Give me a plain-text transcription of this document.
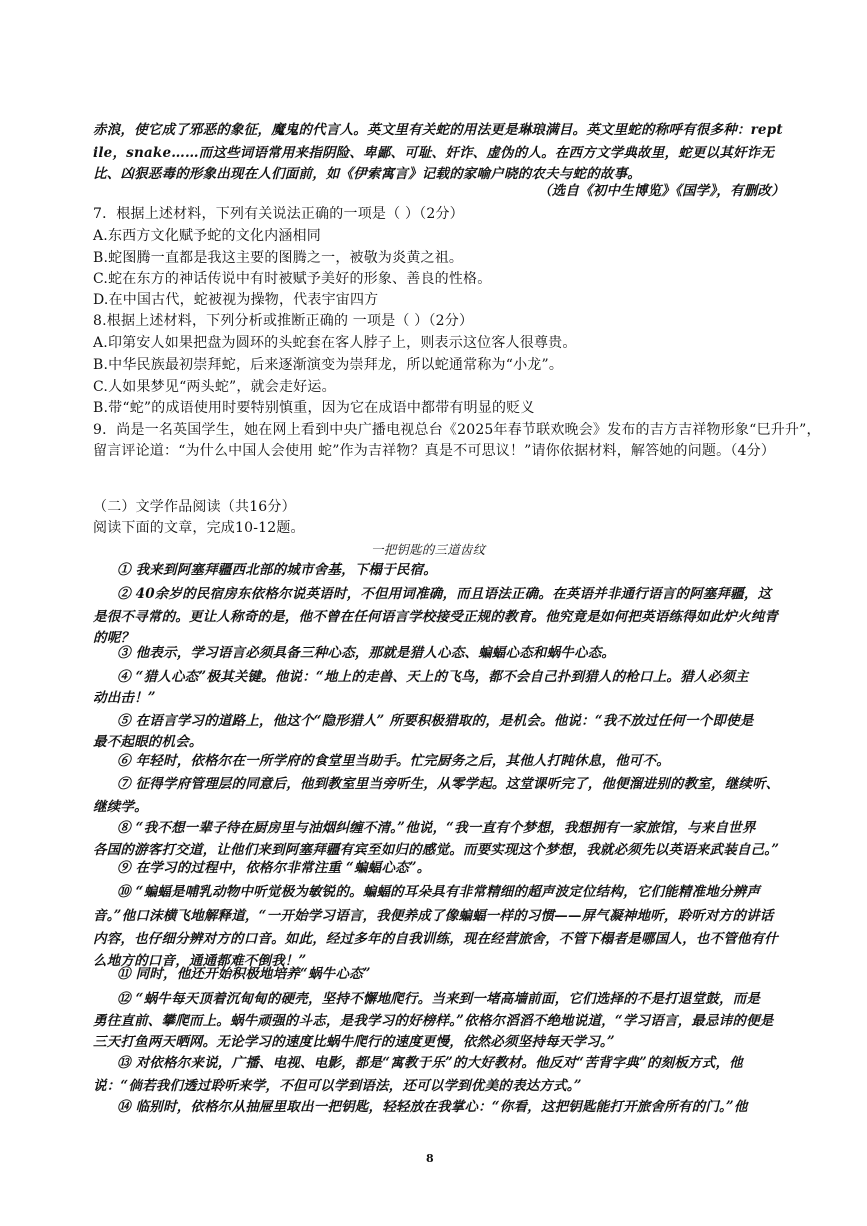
赤浪，使它成了邪恶的象征，魔鬼的代言人。英文里有关蛇的用法更是琳琅满目。英文里蛇的称呼有很多种：rept
ile，snake……而这些词语常用来指阴险、卑鄙、可耻、奸诈、虚伪的人。在西方文学典故里，蛇更以其奸诈无
比、凶狠恶毒的形象出现在人们面前，如《伊索寓言》记载的家喻户晓的农夫与蛇的故事。
（选自《初中生博览》《国学》，有删改）
7．根据上述材料，下列有关说法正确的一项是（ ）（2分）
A.东西方文化赋予蛇的文化内涵相同
B.蛇图腾一直都是我这主要的图腾之一，被敬为炎黄之祖。
C.蛇在东方的神话传说中有时被赋予美好的形象、善良的性格。
D.在中国古代，蛇被视为操物，代表宇宙四方
8.根据上述材料，下列分析或推断正确的 一项是（ ）（2分）
A.印第安人如果把盘为圆环的头蛇套在客人脖子上，则表示这位客人很尊贵。
B.中华民族最初崇拜蛇，后来逐渐演变为崇拜龙，所以蛇通常称为“小龙”。
C.人如果梦见“两头蛇”，就会走好运。
B.带“蛇”的成语使用时要特别慎重，因为它在成语中都带有明显的贬义
9．尚是一名英国学生，她在网上看到中央广播电视总台《2025年春节联欢晚会》发布的吉方吉祥物形象“巳升升”，
留言评论道：“为什么中国人会使用 蛇”作为吉祥物？真是不可思议！”请你依据材料，解答她的问题。（4分）
（二）文学作品阅读（共16分）
阅读下面的文章，完成10-12题。
一把钥匙的三道齿纹
① 我来到阿塞拜疆西北部的城市舍基，下榻于民宿。
② 40余岁的民宿房东依格尔说英语时，不但用词准确，而且语法正确。在英语并非通行语言的阿塞拜疆，这
是很不寻常的。更让人称奇的是，他不曾在任何语言学校接受正规的教育。他究竟是如何把英语练得如此炉火纯青
的呢？
③ 他表示，学习语言必须具备三种心态，那就是猎人心态、蝙蝠心态和蜗牛心态。
④ “猎人心态”极其关键。他说：“地上的走兽、天上的飞鸟，都不会自己扑到猎人的枪口上。猎人必须主
动出击！”
⑤ 在语言学习的道路上，他这个“隐形猎人” 所要积极猎取的，是机会。他说：“我不放过任何一个即使是
最不起眼的机会。
⑥ 年轻时，依格尔在一所学府的食堂里当助手。忙完厨务之后，其他人打盹休息，他可不。
⑦ 征得学府管理层的同意后，他到教室里当旁听生，从零学起。这堂课听完了，他便溜进别的教室，继续听、
继续学。
⑧ “我不想一辈子待在厨房里与油烟纠缠不清。”他说，“我一直有个梦想，我想拥有一家旅馆，与来自世界
各国的游客打交道，让他们来到阿塞拜疆有宾至如归的感觉。而要实现这个梦想，我就必须先以英语来武装自己。”
⑨ 在学习的过程中，依格尔非常注重 “蝙蝠心态”。
⑩ “蝙蝠是哺乳动物中听觉极为敏锐的。蝙蝠的耳朵具有非常精细的超声波定位结构，它们能精准地分辨声
音。”他口沫横飞地解释道，“一开始学习语言，我便养成了像蝙蝠一样的习惯——屏气凝神地听，聆听对方的讲话
内容，也仔细分辨对方的口音。如此，经过多年的自我训练，现在经营旅舍，不管下榻者是哪国人，也不管他有什
么地方的口音，通通都难不倒我！”
⑪ 同时，他还开始积极地培养“蜗牛心态”
⑫ “蜗牛每天顶着沉甸甸的硬壳，坚持不懈地爬行。当来到一堵高墙前面，它们选择的不是打退堂鼓，而是
勇往直前、攀爬而上。蜗牛顽强的斗志，是我学习的好榜样。”依格尔滔滔不绝地说道，“学习语言，最忌讳的便是
三天打鱼两天晒网。无论学习的速度比蜗牛爬行的速度更慢，依然必须坚持每天学习。”
⑬ 对依格尔来说，广播、电视、电影，都是“寓教于乐”的大好教材。他反对“苦背字典”的刻板方式，他
说：“倘若我们透过聆听来学，不但可以学到语法，还可以学到优美的表达方式。”
⑭ 临别时，依格尔从抽屉里取出一把钥匙，轻轻放在我掌心：“你看，这把钥匙能打开旅舍所有的门。”他
8
